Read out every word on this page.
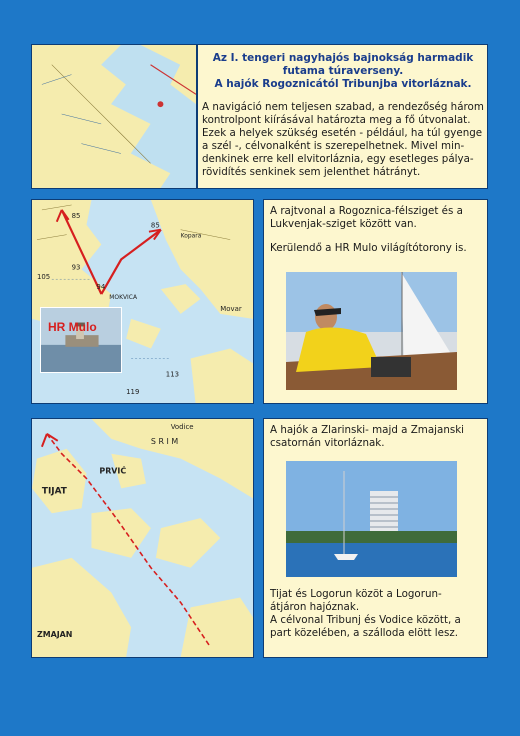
Az I. tengeri nagyhajós bajnokság harmadik
futama túraverseny.
A hajók Rogoznicától Tribunjba vitorláznak.
A navigáció nem teljesen szabad, a rendezőség három
kontrolpont kiírásával határozta meg a fő útvonalat.
Ezek a helyek szükség esetén - például, ha túl gyenge
a szél -, célvonalként is szerepelhetnek. Mivel min-
denkinek erre kell elvitorláznia, egy esetleges pálya-
rövidítés senkinek sem jelenthet hátrányt.
85
85
MOKVICA
Movar
113
119
105
93
94
Kopara
HR Mulo
A rajtvonal a Rogoznica-félsziget és a
Lukvenjak-sziget között van.
Kerülendő a HR Mulo világítótorony is.
TIJAT
PRVIĆ
ZMAJAN
S R I M
Vodice	A hajók a Zlarinski- majd a Zmajanski
csatornán vitorláznak.
Tijat és Logorun közöt a Logorun-
átjáron hajóznak.
A célvonal Tribunj és Vodice között, a
part közelében, a szálloda elött lesz.
